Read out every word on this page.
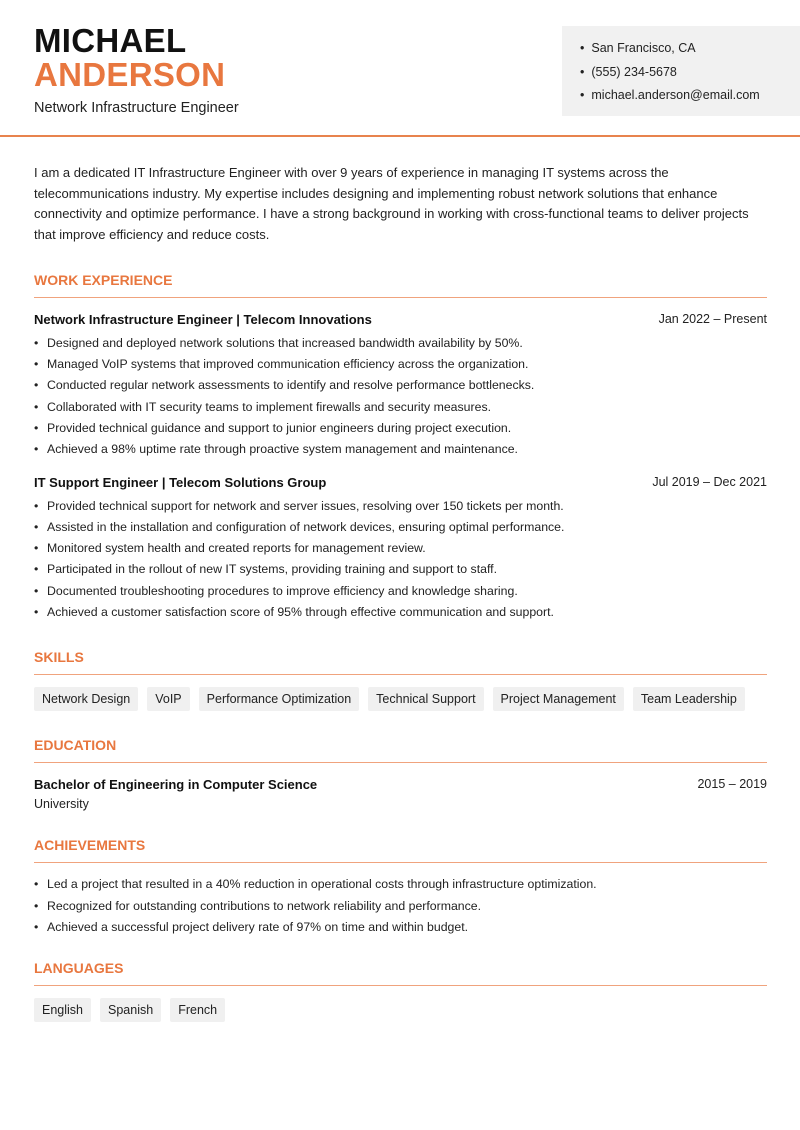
MICHAEL
ANDERSON
Network Infrastructure Engineer
• San Francisco, CA
• (555) 234-5678
• michael.anderson@email.com

I am a dedicated IT Infrastructure Engineer with over 9 years of experience in managing IT systems across the telecommunications industry. My expertise includes designing and implementing robust network solutions that enhance connectivity and optimize performance. I have a strong background in working with cross-functional teams to deliver projects that improve efficiency and reduce costs.

WORK EXPERIENCE
Network Infrastructure Engineer | Telecom Innovations	Jan 2022 – Present
• Designed and deployed network solutions that increased bandwidth availability by 50%.
• Managed VoIP systems that improved communication efficiency across the organization.
• Conducted regular network assessments to identify and resolve performance bottlenecks.
• Collaborated with IT security teams to implement firewalls and security measures.
• Provided technical guidance and support to junior engineers during project execution.
• Achieved a 98% uptime rate through proactive system management and maintenance.
IT Support Engineer | Telecom Solutions Group	Jul 2019 – Dec 2021
• Provided technical support for network and server issues, resolving over 150 tickets per month.
• Assisted in the installation and configuration of network devices, ensuring optimal performance.
• Monitored system health and created reports for management review.
• Participated in the rollout of new IT systems, providing training and support to staff.
• Documented troubleshooting procedures to improve efficiency and knowledge sharing.
• Achieved a customer satisfaction score of 95% through effective communication and support.
SKILLS
Network Design	VoIP	Performance Optimization	Technical Support	Project Management	Team Leadership
EDUCATION
Bachelor of Engineering in Computer Science	2015 – 2019
University
ACHIEVEMENTS
• Led a project that resulted in a 40% reduction in operational costs through infrastructure optimization.
• Recognized for outstanding contributions to network reliability and performance.
• Achieved a successful project delivery rate of 97% on time and within budget.
LANGUAGES
English	Spanish	French
